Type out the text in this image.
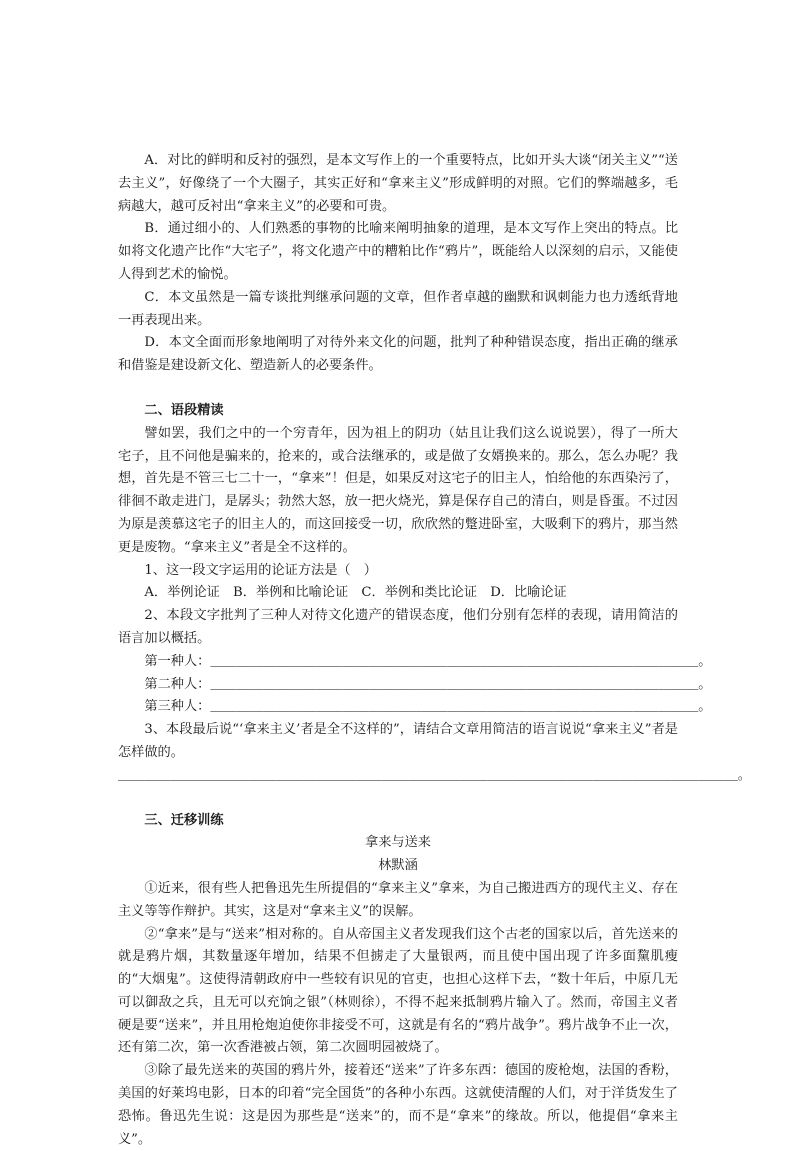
A．对比的鲜明和反衬的强烈，是本文写作上的一个重要特点，比如开头大谈“闭关主义”“送去主义”，好像绕了一个大圈子，其实正好和“拿来主义”形成鲜明的对照。它们的弊端越多，毛病越大，越可反衬出“拿来主义”的必要和可贵。

B．通过细小的、人们熟悉的事物的比喻来阐明抽象的道理，是本文写作上突出的特点。比如将文化遗产比作“大宅子”，将文化遗产中的糟粕比作“鸦片”，既能给人以深刻的启示，又能使人得到艺术的愉悦。

C．本文虽然是一篇专谈批判继承问题的文章，但作者卓越的幽默和讽刺能力也力透纸背地一再表现出来。

D．本文全面而形象地阐明了对待外来文化的问题，批判了种种错误态度，指出正确的继承和借鉴是建设新文化、塑造新人的必要条件。

二、语段精读

譬如罢，我们之中的一个穷青年，因为祖上的阴功（姑且让我们这么说说罢），得了一所大宅子，且不问他是骗来的，抢来的，或合法继承的，或是做了女婿换来的。那么，怎么办呢？我想，首先是不管三七二十一，“拿来”！但是，如果反对这宅子的旧主人，怕给他的东西染污了，徘徊不敢走进门，是孱头；勃然大怒，放一把火烧光，算是保存自己的清白，则是昏蛋。不过因为原是羡慕这宅子的旧主人的，而这回接受一切，欣欣然的蹩进卧室，大吸剩下的鸦片，那当然更是废物。“拿来主义”者是全不这样的。

1、这一段文字运用的论证方法是（　）

A．举例论证　B．举例和比喻论证　C．举例和类比论证　D．比喻论证

2、本段文字批判了三种人对待文化遗产的错误态度，他们分别有怎样的表现，请用简洁的语言加以概括。

第一种人：＿＿＿＿＿＿＿＿＿＿＿＿＿＿＿＿＿＿＿＿＿＿＿＿＿＿＿＿＿＿＿＿＿＿＿＿＿。

第二种人：＿＿＿＿＿＿＿＿＿＿＿＿＿＿＿＿＿＿＿＿＿＿＿＿＿＿＿＿＿＿＿＿＿＿＿＿＿。

第三种人：＿＿＿＿＿＿＿＿＿＿＿＿＿＿＿＿＿＿＿＿＿＿＿＿＿＿＿＿＿＿＿＿＿＿＿＿＿。

3、本段最后说“‘拿来主义’者是全不这样的”，请结合文章用简洁的语言说说“拿来主义”者是怎样做的。

＿＿＿＿＿＿＿＿＿＿＿＿＿＿＿＿＿＿＿＿＿＿＿＿＿＿＿＿＿＿＿＿＿＿＿＿＿＿＿＿＿＿＿＿＿＿＿。

三、迁移训练

拿来与送来

林默涵

①近来，很有些人把鲁迅先生所提倡的“拿来主义”拿来，为自己搬进西方的现代主义、存在主义等等作辩护。其实，这是对“拿来主义”的误解。

②“拿来”是与“送来”相对称的。自从帝国主义者发现我们这个古老的国家以后，首先送来的就是鸦片烟，其数量逐年增加，结果不但掳走了大量银两，而且使中国出现了许多面黧肌瘦的“大烟鬼”。这使得清朝政府中一些较有识见的官吏，也担心这样下去，“数十年后，中原几无可以御敌之兵，且无可以充饷之银”（林则徐），不得不起来抵制鸦片输入了。然而，帝国主义者硬是要“送来”，并且用枪炮迫使你非接受不可，这就是有名的“鸦片战争”。鸦片战争不止一次，还有第二次，第一次香港被占领，第二次圆明园被烧了。

③除了最先送来的英国的鸦片外，接着还“送来”了许多东西：德国的废枪炮，法国的香粉，美国的好莱坞电影，日本的印着“完全国货”的各种小东西。这就使清醒的人们，对于洋货发生了恐怖。鲁迅先生说：这是因为那些是“送来”的，而不是“拿来”的缘故。所以，他提倡“拿来主义”。
